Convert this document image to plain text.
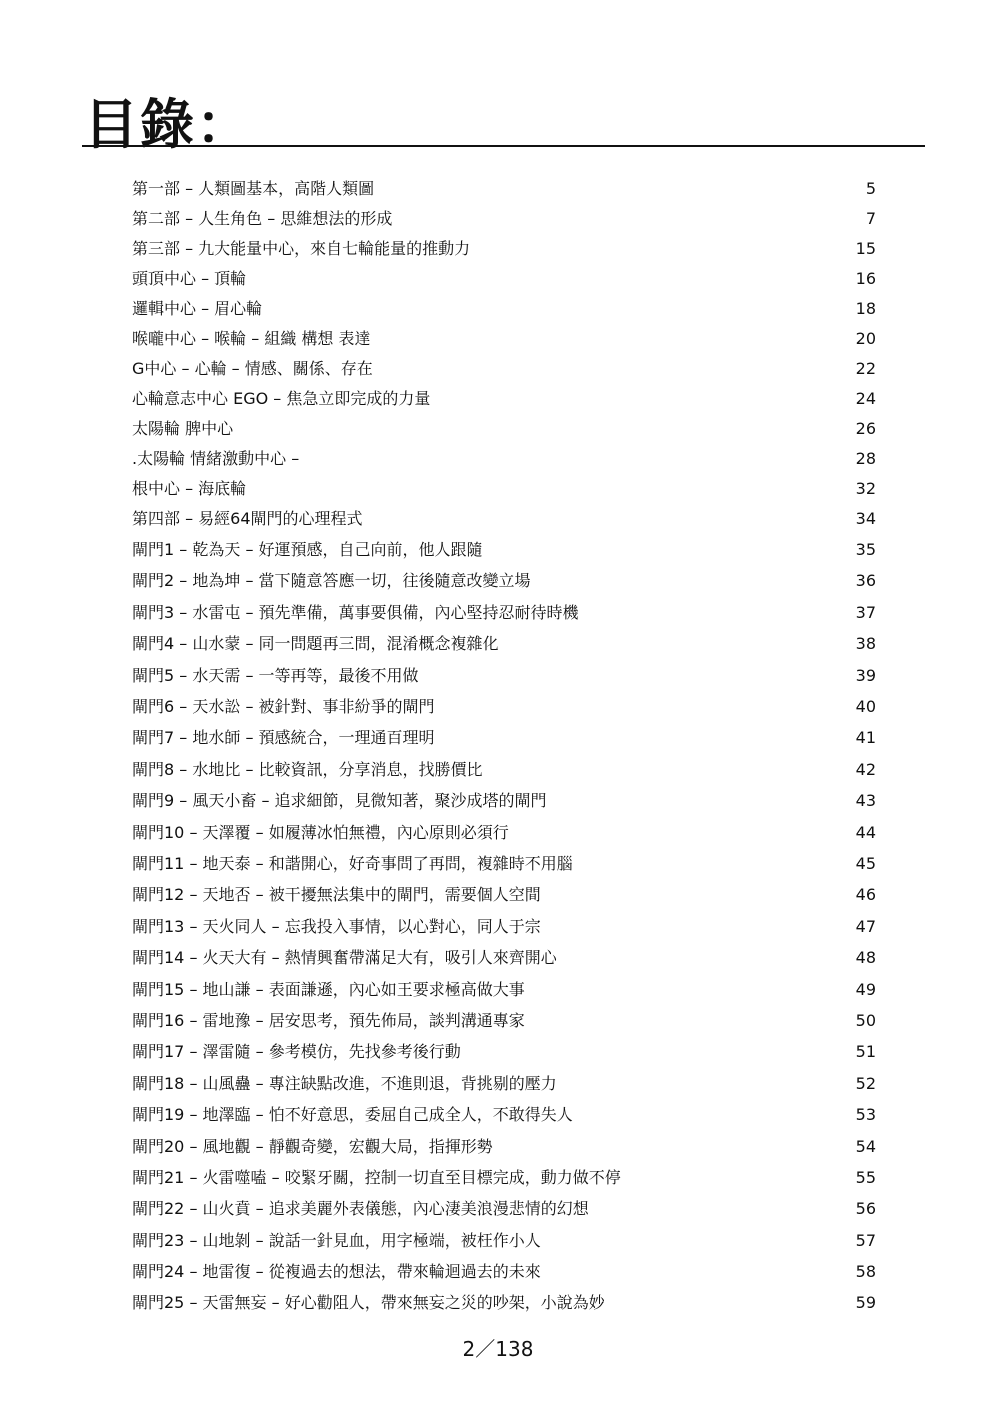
目錄：
第一部 – 人類圖基本，高階人類圖	5
第二部 – 人生角色 – 思維想法的形成	7
第三部 – 九大能量中心，來自七輪能量的推動力	15
頭頂中心 – 頂輪	16
邏輯中心 – 眉心輪	18
喉嚨中心 – 喉輪 – 組織 構想 表達	20
G中心 – 心輪 – 情感、關係、存在	22
心輪意志中心 EGO – 焦急立即完成的力量	24
太陽輪 脾中心	26
.太陽輪 情緒激動中心 –	28
根中心 – 海底輪	32
第四部 – 易經64閘門的心理程式	34
閘門1 – 乾為天 – 好運預感，自己向前，他人跟隨	35
閘門2 – 地為坤 – 當下隨意答應一切，往後隨意改變立場	36
閘門3 – 水雷屯 – 預先準備，萬事要俱備，內心堅持忍耐待時機	37
閘門4 – 山水蒙 – 同一問題再三問，混淆概念複雜化	38
閘門5 – 水天需 – 一等再等，最後不用做	39
閘門6 – 天水訟 – 被針對、事非紛爭的閘門	40
閘門7 – 地水師 – 預感統合，一理通百理明	41
閘門8 – 水地比 – 比較資訊，分享消息，找勝價比	42
閘門9 – 風天小畜 – 追求細節，見微知著，聚沙成塔的閘門	43
閘門10 – 天澤覆 – 如履薄冰怕無禮，內心原則必須行	44
閘門11 – 地天泰 – 和諧開心，好奇事問了再問，複雜時不用腦	45
閘門12 – 天地否 – 被干擾無法集中的閘門，需要個人空間	46
閘門13 – 天火同人 – 忘我投入事情，以心對心，同人于宗	47
閘門14 – 火天大有 – 熱情興奮帶滿足大有，吸引人來齊開心	48
閘門15 – 地山謙 – 表面謙遜，內心如王要求極高做大事	49
閘門16 – 雷地豫 – 居安思考，預先佈局，談判溝通專家	50
閘門17 – 澤雷隨 – 參考模仿，先找參考後行動	51
閘門18 – 山風蠱 – 專注缺點改進，不進則退，背挑剔的壓力	52
閘門19 – 地澤臨 – 怕不好意思，委屈自己成全人，不敢得失人	53
閘門20 – 風地觀 – 靜觀奇變，宏觀大局，指揮形勢	54
閘門21 – 火雷噬嗑 – 咬緊牙關，控制一切直至目標完成，動力做不停	55
閘門22 – 山火賁 – 追求美麗外表儀態，內心淒美浪漫悲情的幻想	56
閘門23 – 山地剝 – 說話一針見血，用字極端，被枉作小人	57
閘門24 – 地雷復 – 從複過去的想法，帶來輪迴過去的未來	58
閘門25 – 天雷無妄 – 好心勸阻人，帶來無妄之災的吵架，小說為妙	59
2／138
